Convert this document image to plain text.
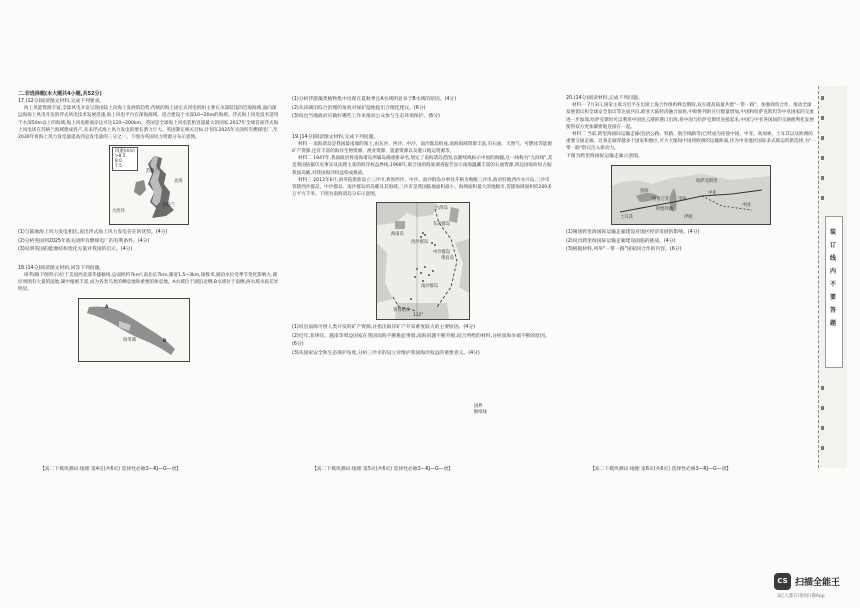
二.非选择题(本大题共4小题,共52分)

17.(12分)阅读图文材料,完成下列要求。

海上风能资源丰富,全球风电开发呈现由陆上向海上发展的趋势,传统的海上固定式风电机组主要在水深较浅的近海海域,面向深远海海上风电开发的浮式风电技术发展迅速,海上风电平台在深海海域、适合建设于水深10~20m的海域。浮式海上风电技术适用于水深50m以上的海域,海上风电距离岸边可达120~200km。英国是全球海上风电装机容量最大的国家,2017年全球首座浮式海上风电场在苏格兰海域建成投产,未来浮式海上风力发电的增长潜力巨大。英国制定相关目标,计划在2025年关闭所有燃煤电厂,至2030年将海上风力发电量提高到总发电量的三分之一。下图为英国风力资源分布示意图。

风速(m/s)
>8.5
8.0
7.5
苏格兰
英格兰
北海
大西洋

(1)与陆地海上风力发电相比,说出浮式海上风力发电存在的优势。(4分)

(2)分析英国到2025年底关闭所有燃煤电厂的有利条件。(4分)

(3)说明英国的能源结构优化方案对我国的启示。(4分)

18.(14分)阅读图文材料,回答下列问题。

斑苇湖(下图所示)位于美国西北部华盛顿州,总面积约7km²,南北长7km,湖宽1.5~3km,深数米,湖泊水位受季节变化影响大,湖岸周围有大量的湿地,湖中植被丰富,成为各类鸟类的栖息地和重要的休息地。A水域位于湖泊北侧,B水域位于南侧,两水域水质差异明显。

A
B
斑苇湖
【高二下模块测试·地理 第4页(共6页) 选择性必修3—RJ—G—唐】

(1)分析浮游藻类植物集中出现在夏秋季且A水域明显多于B水域的原因。(4分)

(2)从该湖泊综合治理的角度对保护湿地提出合理化建议。(6分)

(3)说出当地政府应做好哪些工作来推动公众参与生态环境保护。(6分)

19.(14分)阅读图文材料,完成下列问题。

材料一 南海诸岛是我国最南端的领土,由东沙、西沙、中沙、南沙群岛组成,南海海域资源丰富,有石油、天然气、可燃冰等能源矿产资源,还有丰富的海洋生物资源、渔业资源、旅游资源以及港口航运资源等。

材料二 1947年,我国政府将南海诸岛所属岛礁重新命名,划定了南海诸岛范围,以断续线标示中国的海疆,这一线称为"九段线",其是我国依据历史事实及法理主张的海洋权益界线,1968年,联合国的海底调查报告显示南海蕴藏丰富的石油资源,周边国家纷纷占据我国岛礁,对我国海洋权益构成挑战。

材料三 2012年6月,国务院批准设立三沙市,将原西沙、中沙、南沙群岛办事处升格为地级三沙市,政府驻地西沙永兴岛,三沙市管辖西沙群岛、中沙群岛、南沙群岛的岛礁及其海域,三沙市是我国陆地面积最小、海域面积最大的地级市,管辖海域面积约200多万平方千米。下图为南海诸岛分布示意图。

台湾岛
海南岛
东沙群岛
西沙群岛
中沙群岛
黄岩岛
南沙群岛
曾母暗沙
112°
国界
断续线

(1)说出南海可供人类开发的矿产资源,并指出海洋矿产开采难度较大的主要原因。(4分)

(2)近年,菲律宾、越南等周边国家在我国南海不断挑起事端,南海问题不断升级,结合所给的材料,分析南海争端不断的原因。(6分)

(3)从国家安全和生态保护角度,分析三沙市的设立对维护我国海洋权益的重要意义。(4分)

【高二下模块测试·地理 第5页(共6页) 选择性必修3—RJ—G—唐】

20.(14分)阅读材料,完成下列问题。

材料一 7月3日,国家主席习近平在出席上海合作组织峰会期间,双方就高质量共建"一带一路"、加强商贸合作、推动全球发展倡议和全球安全倡议等达成共识,欧亚大陆经济融合加快,中欧班列的开行数量增加,中国和哈萨克斯坦等中亚国家的交流进一步加深,哈萨克斯坦可以利用中国连云港的港口出海,将中国与哈萨克斯坦连接起来,中国与中亚各国间的交通便利化发展使得双方更加紧密地连接在一起。

材料二 当前,跨里海国际运输走廊(包括公路、铁路、航空线路等)已经成为连接中国、中亚、高加索、土耳其以及欧洲的重要交通走廊。这条走廊穿越多个国家和地区,可大大缩短中国到欧洲的运输距离,作为中亚地区国际多式联运的新选择,为"一带一路"倡议注入新动力。

下图为跨里海国际运输走廊示意图。

中国
哈萨克斯坦
里海
黑海
土耳其
阿塞拜疆
格鲁吉亚
中亚
伊朗

(1)阐述跨里海国际运输走廊建设对地区经济发展的影响。(4分)

(2)说出跨里海国际运输走廊建设面临的挑战。(4分)

(3)根据材料,列举"一带一路"国家间合作的内容。(6分)

【高二下模块测试·地理 第6页(共6页) 选择性必修3—RJ—G—唐】
装
订
线
内
不
要
答
题
CS 扫描全能王
3亿人都在用的扫描App
